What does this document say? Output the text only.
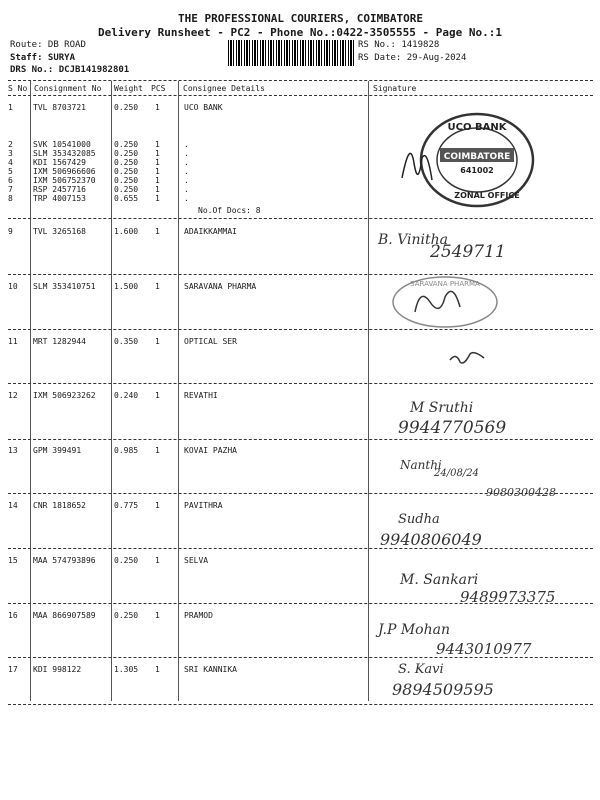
THE PROFESSIONAL COURIERS, COIMBATORE
Delivery Runsheet - PC2 - Phone No.:0422-3505555 - Page No.:1
Route: DB ROAD
Staff: SURYA
DRS No.: DCJB141982801
RS No.: 1419828
RS Date: 29-Aug-2024
S No Consignment No Weight PCS Consignee Details	Signature
1	TVL 8703721	0.250 1	UCO BANK
2	SVK 10541000	0.250 1	.
3	SLM 353432085 0.250 1	.
4	KDI 1567429	0.250 1	.
5	IXM 506966606 0.250 1	.
6	IXM 506752370 0.250 1	.
7	RSP 2457716	0.250 1	.
8	TRP 4007153	0.655 1	.
No.Of Docs: 8
UCO BANK
COIMBATORE
641002
ZONAL OFFICE
9	TVL 3265168	1.600 1	ADAIKKAMMAI
B. Vinitha
2549711
10 SLM 353410751 1.500 1	SARAVANA PHARMA	SARAVANA PHARMA
11 MRT 1282944	0.350 1	OPTICAL SER
12 IXM 506923262 0.240 1	REVATHI
M Sruthi
9944770569
13 GPM 399491	0.985 1	KOVAI PAZHA
Nanthi
24/08/24
9080300428
14 CNR 1818652	0.775 1	PAVITHRA
Sudha
9940806049
15 MAA 574793896 0.250 1	SELVA
M. Sankari
9489973375
16 MAA 866907589 0.250 1	PRAMOD
J.P Mohan
9443010977
17 KDI 998122	1.305 1	SRI KANNIKA	S. Kavi
9894509595
